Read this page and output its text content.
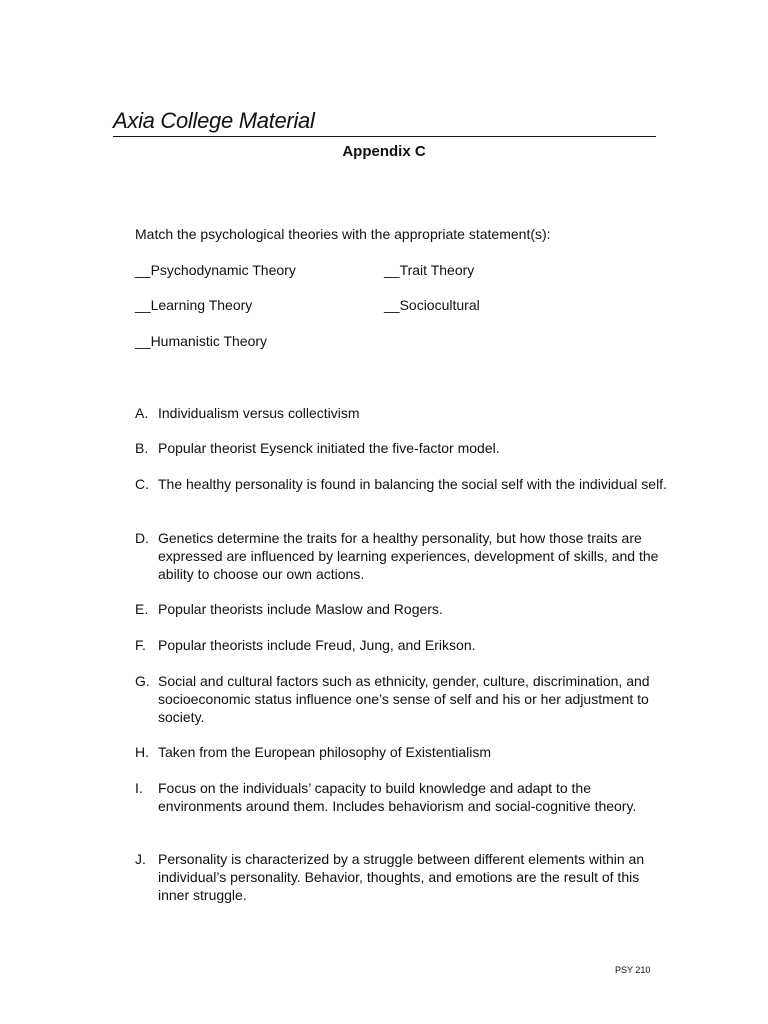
Axia College Material
Appendix C
Match the psychological theories with the appropriate statement(s):
__Psychodynamic Theory	__Trait Theory
__Learning Theory	__Sociocultural
__Humanistic Theory
A. Individualism versus collectivism
B. Popular theorist Eysenck initiated the five-factor model.
C. The healthy personality is found in balancing the social self with the individual self.
D. Genetics determine the traits for a healthy personality, but how those traits are expressed are influenced by learning experiences, development of skills, and the ability to choose our own actions.
E. Popular theorists include Maslow and Rogers.
F. Popular theorists include Freud, Jung, and Erikson.
G. Social and cultural factors such as ethnicity, gender, culture, discrimination, and socioeconomic status influence one’s sense of self and his or her adjustment to society.
H. Taken from the European philosophy of Existentialism
I. Focus on the individuals’ capacity to build knowledge and adapt to the environments around them. Includes behaviorism and social-cognitive theory.
J. Personality is characterized by a struggle between different elements within an individual’s personality. Behavior, thoughts, and emotions are the result of this inner struggle.
PSY 210
